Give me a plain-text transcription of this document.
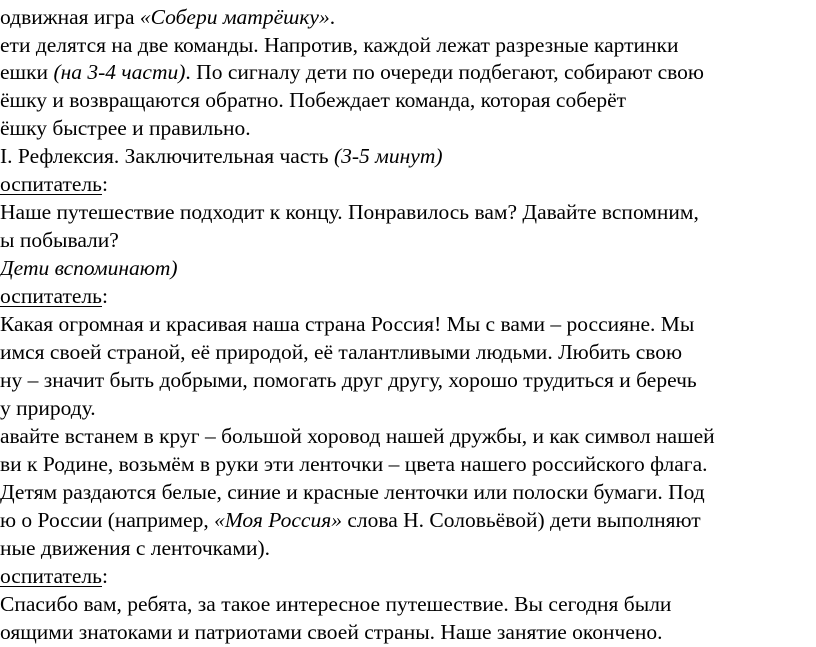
одвижная игра «Собери матрёшку».
ети делятся на две команды. Напротив, каждой лежат разрезные картинки
ешки (на 3-4 части). По сигналу дети по очереди подбегают, собирают свою
ёшку и возвращаются обратно. Побеждает команда, которая соберёт
ёшку быстрее и правильно.
I. Рефлексия. Заключительная часть (3-5 минут)
оспитатель:
Наше путешествие подходит к концу. Понравилось вам? Давайте вспомним,
ы побывали?
Дети вспоминают)
оспитатель:
Какая огромная и красивая наша страна Россия! Мы с вами – россияне. Мы
имся своей страной, её природой, её талантливыми людьми. Любить свою
ну – значит быть добрыми, помогать друг другу, хорошо трудиться и беречь
у природу.
авайте встанем в круг – большой хоровод нашей дружбы, и как символ нашей
ви к Родине, возьмём в руки эти ленточки – цвета нашего российского флага.
Детям раздаются белые, синие и красные ленточки или полоски бумаги. Под
ю о России (например, «Моя Россия» слова Н. Соловьёвой) дети выполняют
ные движения с ленточками).
оспитатель:
Спасибо вам, ребята, за такое интересное путешествие. Вы сегодня были
оящими знатоками и патриотами своей страны. Наше занятие окончено.
